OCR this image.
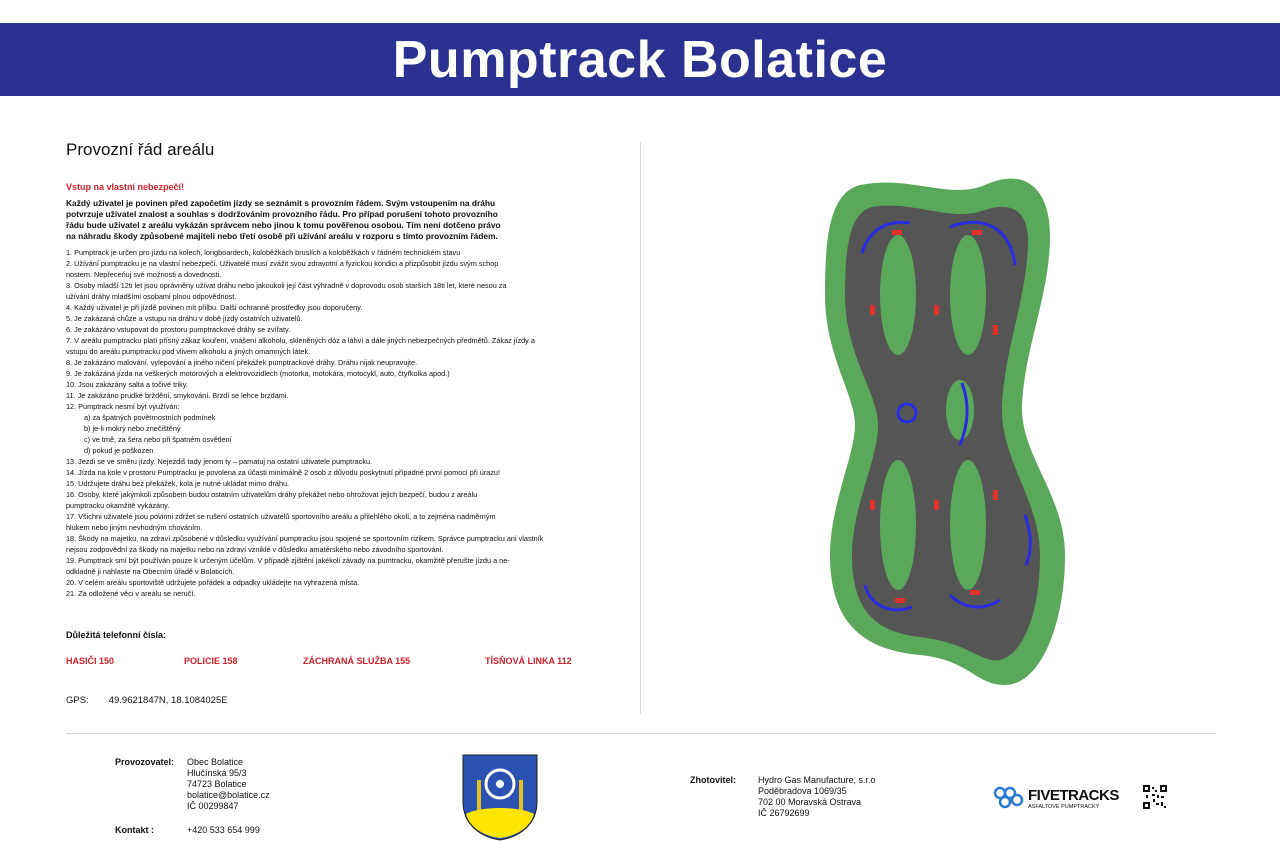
Pumptrack Bolatice
Provozní řád areálu
Vstup na vlastní nebezpečí!
Každý uživatel je povinen před započetím jízdy se seznámit s provozním řádem. Svým vstoupením na dráhu
potvrzuje uživatel znalost a souhlas s dodržováním provozního řádu. Pro případ porušení tohoto provozního
řádu bude uživatel z areálu vykázán správcem nebo jinou k tomu pověřenou osobou. Tím není dotčeno právo
na náhradu škody způsobené majiteli nebo třetí osobě při užívání areálu v rozporu s tímto provozním řádem.
1. Pumptrack je určen pro jízdu na kolech, longboardech, koloběžkách bruslích a koloběžkách v řádném technickém stavu
2. Užívání pumptracku je na vlastní nebezpečí. Uživatelé musí zvážit svou zdravotní a fyzickou kondici a přizpůsobit jízdu svým schop
nostem. Nepřeceňuj své možnosti a dovednosti.
3. Osoby mladší 12ti let jsou oprávněny užívat dráhu nebo jakoukoli její část výhradně v doprovodu osob starších 18ti let, které nesou za
užívání dráhy mladšími osobami plnou odpovědnost.
4. Každý uživatel je při jízdě povinen mít přilbu. Další ochranné prostředky jsou doporučeny.
5. Je zakázaná chůze a vstupu na dráhu v době jízdy ostatních uživatelů.
6. Je zakázáno vstupovat do prostoru pumptrackové dráhy se zvířaty.
7. V areálu pumptracku platí přísný zákaz kouření, vnášení alkoholu, skleněných dóz a láhví a dále jiných nebezpečných předmětů. Zákaz jízdy a
vstupu do areálu pumptracku pod vlivem alkoholu a jiných omamných látek.
8. Je zakázáno malování, vylepování a jiného ničení překážek pumptrackové dráhy. Dráhu nijak neupravujte.
9. Je zakázáná jízda na veškerých motorových a elektrovozidlech (motorka, motokára, motocykl, auto, čtyřkolka apod.)
10. Jsou zakázány salta a točivé triky.
11. Je zakázáno prudké brždění, smykování. Brzdí se lehce brzdami.
12. Pumptrack nesmí být využíván:
a) za špatných povětrnostních podmínek
b) je-li mokrý nebo znečištěný
c) ve tmě, za šera nebo při špatném osvětlení
d) pokud je poškozen
13. Jezdi se ve směru jízdy. Nejezdiš tady jenom ty – pamatuj na ostatní uživatele pumptracku.
14. Jízda na kole v prostoru Pumptracku je povolena za účasti minimálně 2 osob z důvodu poskytnutí případné první pomoci při úrazu!
15. Udržujete dráhu bez překážek, kola je nutné ukládat mimo dráhu.
16. Osoby, které jakýmkoli způsobem budou ostatním uživatelům dráhy překážet nebo ohrožovat jejich bezpečí, budou z areálu
pumptracku okamžitě vykázány.
17. Všichni uživatelé jsou povinni zdržet se rušení ostatních uživatelů sportovního areálu a přilehlého okolí, a to zejména nadměrným
hlukem nebo jiným nevhodným chováním.
18. Škody na majetku, na zdraví způsobené v důsledku využívání pumptracku jsou spojené se sportovním rizikem. Správce pumptracku ani vlastník
nejsou zodpovědní za škody na majetku nebo na zdraví vzniklé v důsledku amatérského nebo závodního sportování.
19. Pumptrack smí být používán pouze k určeným účelům. V případě zjištění jakékoli závady na pumtracku, okamžitě přerušte jízdu a ne-
odkladně ji nahlaste na Obecním úřadě v Bolaticích.
20. V celém areálu sportoviště udržujete pořádek a odpadky ukládejte na vyhrazená místa.
21. Za odložené věci v areálu se neručí.
Důležitá telefonní čísla:
HASIČI 150	POLICIE 158	ZÁCHRANÁ SLUŽBA 155	TÍSŇOVÁ LINKA 112
GPS: 49.9621847N, 18.1084025E
Provozovatel:	Obec Bolatice
Hlučínská 95/3
74723 Bolatice
bolatice@bolatice.cz
IČ 00299847
Kontakt :	+420 533 654 999
Zhotovitel:	Hydro Gas Manufacture, s.r.o
Poděbradova 1069/35
702 00 Moravská Ostrava
IČ 26792699
FIVETRACKS
ASFALTOVÉ PUMPTRACKY
